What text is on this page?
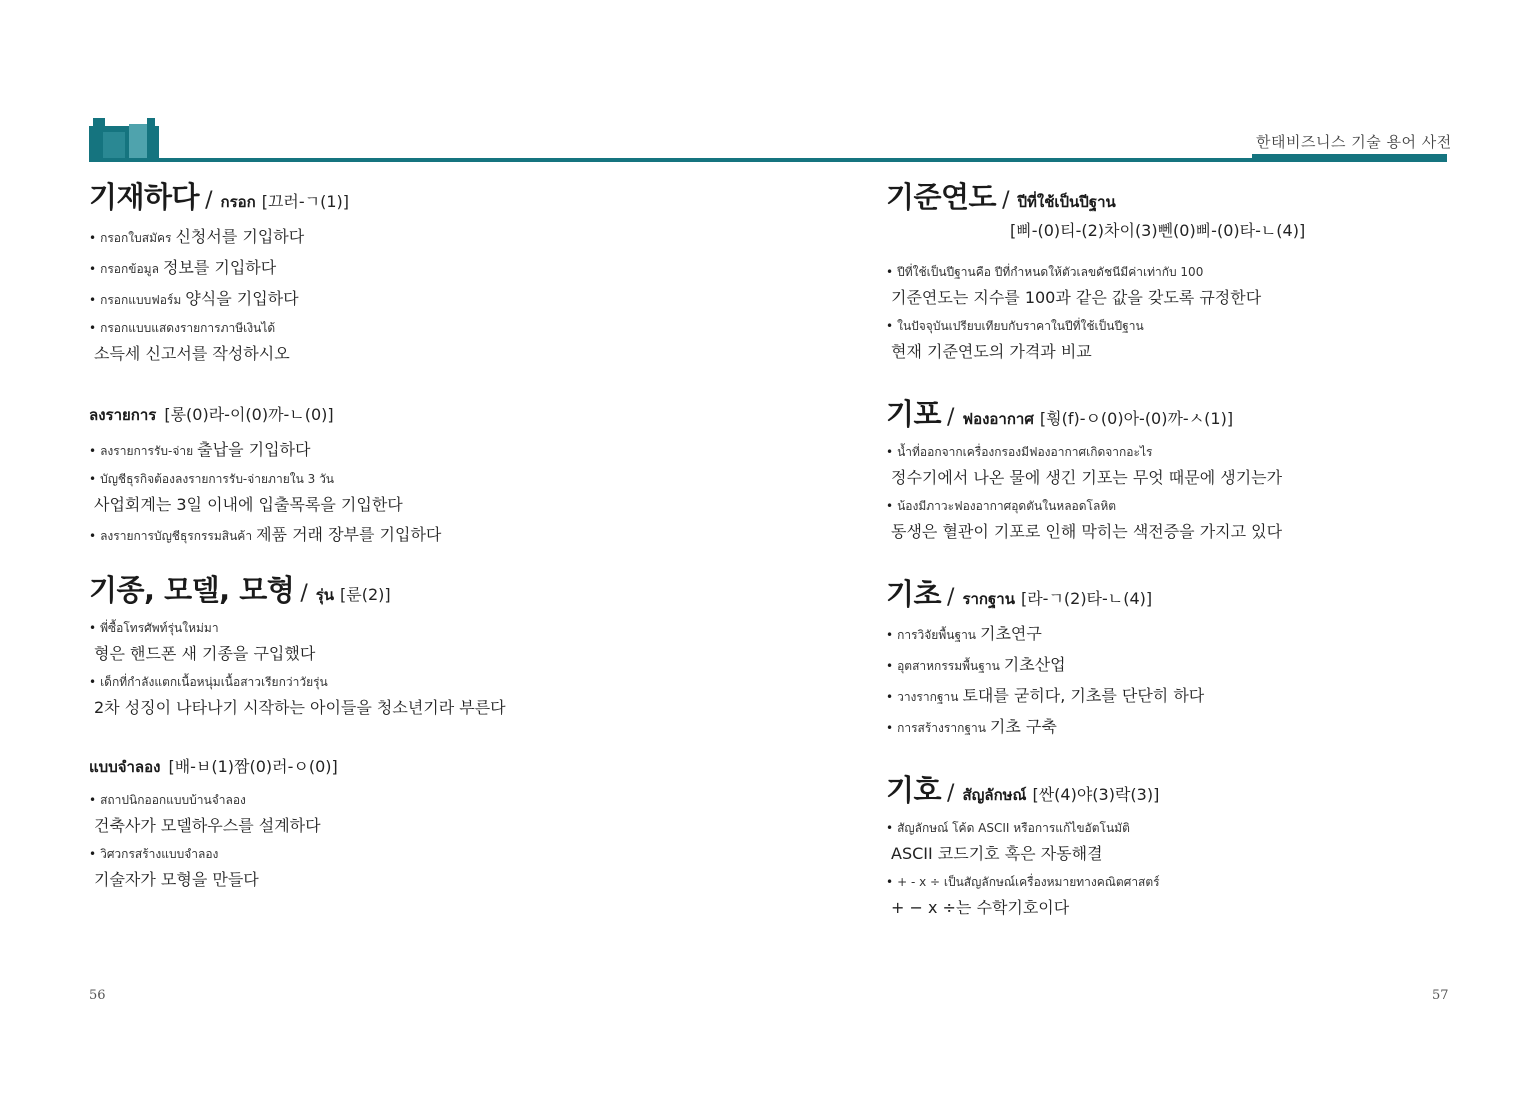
한태비즈니스 기술 용어 사전
기재하다 / กรอก [끄러-ㄱ(1)]
• กรอกใบสมัคร 신청서를 기입하다
• กรอกข้อมูล 정보를 기입하다
• กรอกแบบฟอร์ม 양식을 기입하다
• กรอกแบบแสดงรายการภาษีเงินได้
소득세 신고서를 작성하시오
ลงรายการ [롱(0)라-이(0)까-ㄴ(0)]
• ลงรายการรับ-จ่าย 출납을 기입하다
• บัญชีธุรกิจต้องลงรายการรับ-จ่ายภายใน 3 วัน
사업회계는 3일 이내에 입출목록을 기입한다
• ลงรายการบัญชีธุรกรรมสินค้า 제품 거래 장부를 기입하다
기종, 모델, 모형 / รุ่น [룬(2)]
• พี่ซื้อโทรศัพท์รุ่นใหม่มา
형은 핸드폰 새 기종을 구입했다
• เด็กที่กำลังแตกเนื้อหนุ่มเนื้อสาวเรียกว่าวัยรุ่น
2차 성징이 나타나기 시작하는 아이들을 청소년기라 부른다
แบบจำลอง [배-ㅂ(1)짬(0)러-ㅇ(0)]
• สถาปนิกออกแบบบ้านจำลอง
건축사가 모델하우스를 설계하다
• วิศวกรสร้างแบบจำลอง
기술자가 모형을 만들다
기준연도 / ปีที่ใช้เป็นปีฐาน
[삐-(0)티-(2)차이(3)뻰(0)삐-(0)타-ㄴ(4)]
• ปีที่ใช้เป็นปีฐานคือ ปีที่กำหนดให้ตัวเลขดัชนีมีค่าเท่ากับ 100
기준연도는 지수를 100과 같은 값을 갖도록 규정한다
• ในปัจจุบันเปรียบเทียบกับราคาในปีที่ใช้เป็นปีฐาน
현재 기준연도의 가격과 비교
기포 / ฟองอากาศ [훵(f)-ㅇ(0)아-(0)까-ㅅ(1)]
• น้ำที่ออกจากเครื่องกรองมีฟองอากาศเกิดจากอะไร
정수기에서 나온 물에 생긴 기포는 무엇 때문에 생기는가
• น้องมีภาวะฟองอากาศอุดตันในหลอดโลหิต
동생은 혈관이 기포로 인해 막히는 색전증을 가지고 있다
기초 / รากฐาน [라-ㄱ(2)타-ㄴ(4)]
• การวิจัยพื้นฐาน 기초연구
• อุตสาหกรรมพื้นฐาน 기초산업
• วางรากฐาน 토대를 굳히다, 기초를 단단히 하다
• การสร้างรากฐาน 기초 구축
기호 / สัญลักษณ์ [싼(4)야(3)락(3)]
• สัญลักษณ์ โค้ด ASCII หรือการแก้ไขอัตโนมัติ
ASCII 코드기호 혹은 자동해결
• + - x ÷ เป็นสัญลักษณ์เครื่องหมายทางคณิตศาสตร์
+ − x ÷는 수학기호이다
56	57
